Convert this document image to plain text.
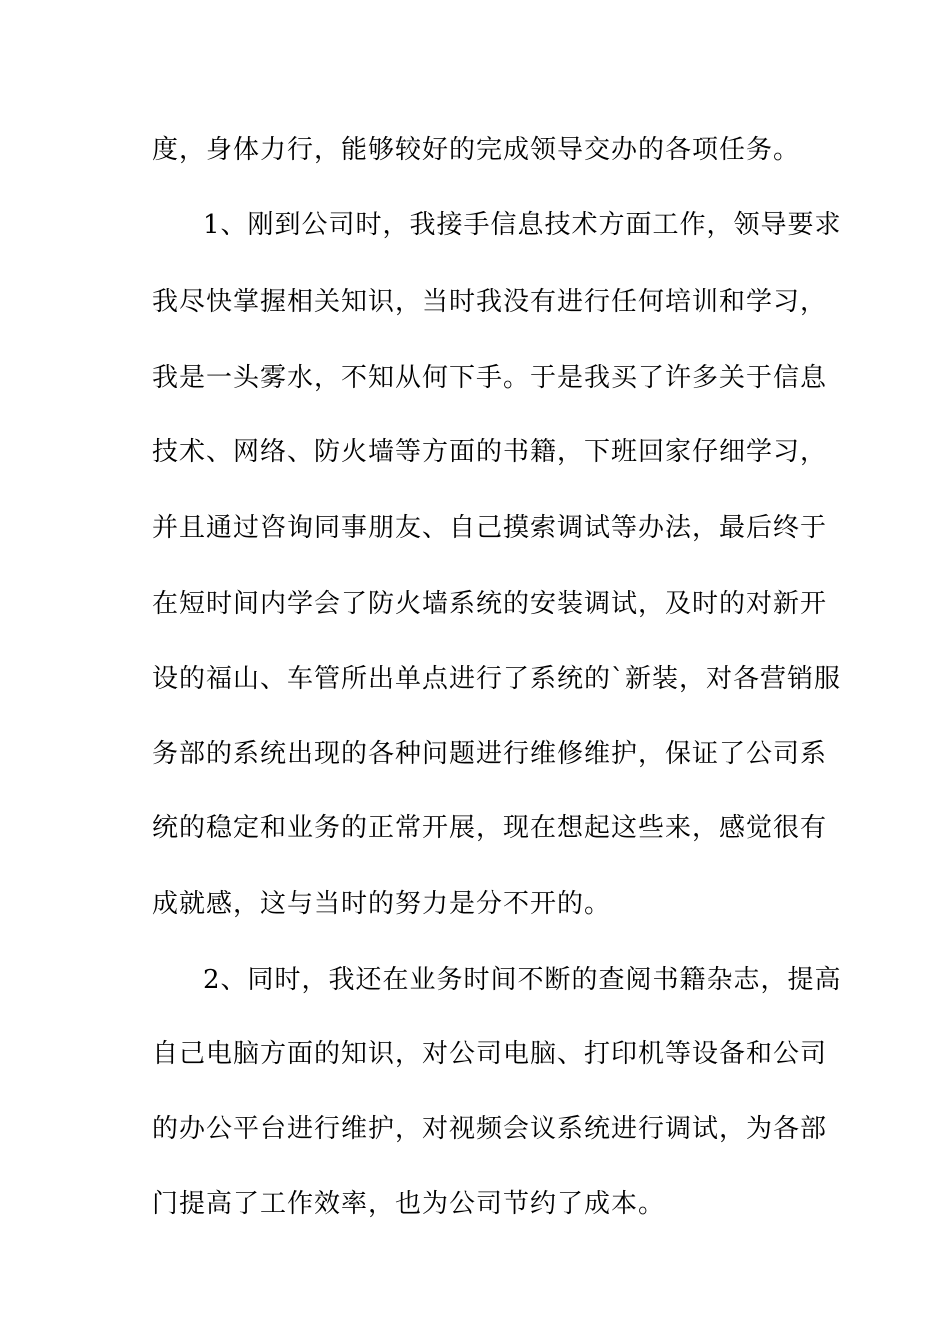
度，身体力行，能够较好的完成领导交办的各项任务。
1、刚到公司时，我接手信息技术方面工作，领导要求
我尽快掌握相关知识，当时我没有进行任何培训和学习，
我是一头雾水，不知从何下手。于是我买了许多关于信息
技术、网络、防火墙等方面的书籍，下班回家仔细学习，
并且通过咨询同事朋友、自己摸索调试等办法，最后终于
在短时间内学会了防火墙系统的安装调试，及时的对新开
设的福山、车管所出单点进行了系统的`新装，对各营销服
务部的系统出现的各种问题进行维修维护，保证了公司系
统的稳定和业务的正常开展，现在想起这些来，感觉很有
成就感，这与当时的努力是分不开的。
2、同时，我还在业务时间不断的查阅书籍杂志，提高
自己电脑方面的知识，对公司电脑、打印机等设备和公司
的办公平台进行维护，对视频会议系统进行调试，为各部
门提高了工作效率，也为公司节约了成本。
